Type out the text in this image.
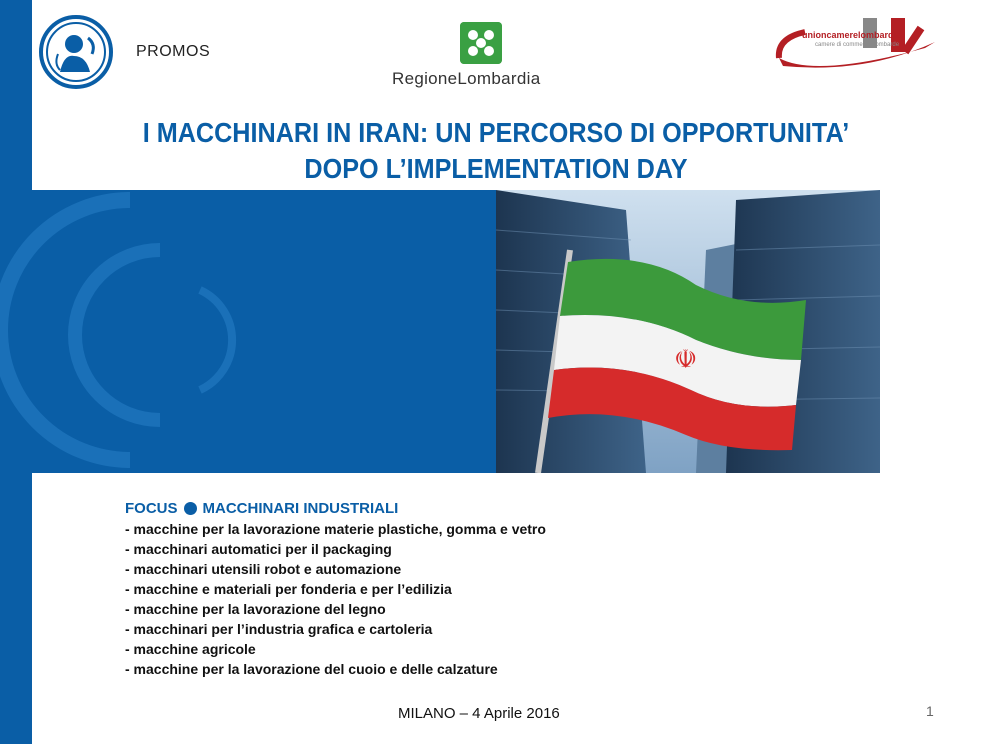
PROMOS
RegioneLombardia
unioncamerelombardia
camere di commercio lombarde
I MACCHINARI IN IRAN: UN PERCORSO DI OPPORTUNITA’
DOPO L’IMPLEMENTATION DAY
☫
FOCUS MACCHINARI INDUSTRIALI
- macchine per la lavorazione materie plastiche, gomma e vetro
- macchinari automatici per il packaging
- macchinari utensili robot e automazione
- macchine e materiali per fonderia e per l’edilizia
- macchine per la lavorazione del legno
- macchinari per l’industria grafica e cartoleria
- macchine agricole
- macchine per la lavorazione del cuoio e delle calzature
MILANO – 4 Aprile 2016	1
